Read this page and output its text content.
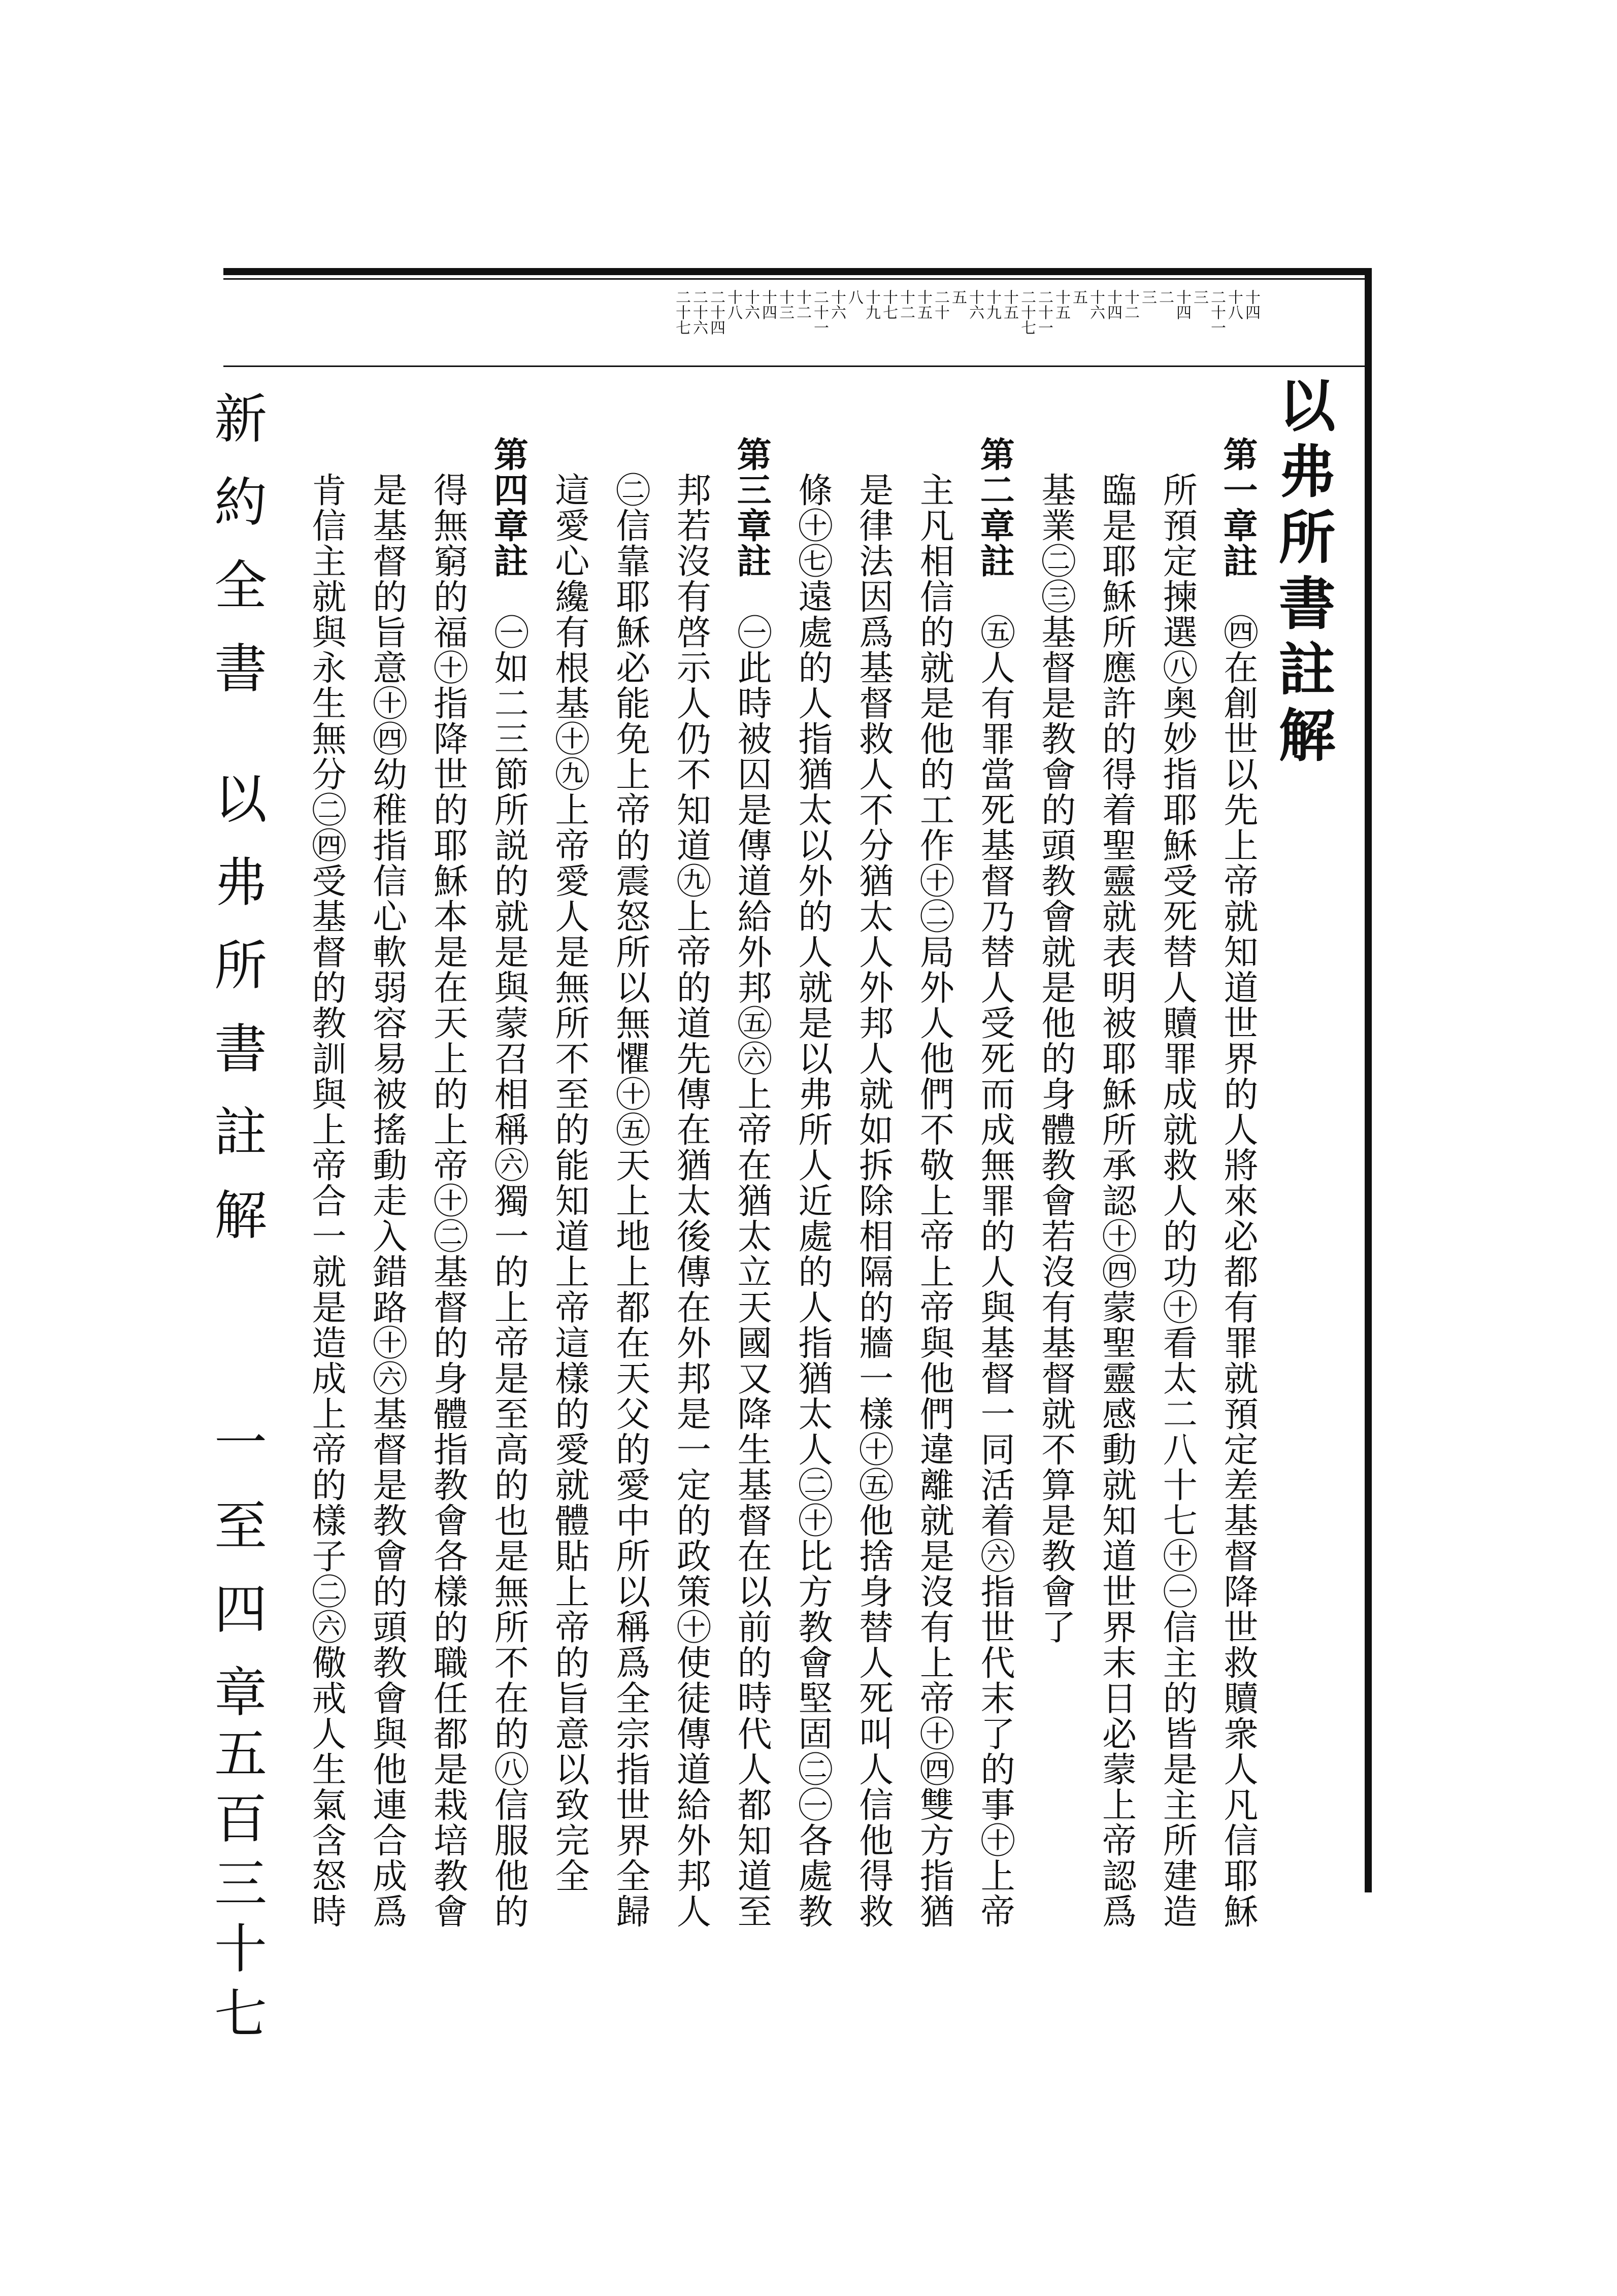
新約全書 以弗所書註解　一至四章
五百三十七
以弗所書註解
十四
十八
二十一
三
十四
二
三
十二
十四
十六
五
十五
二十一
二十七
十五
十九
十六
五
二十
十五
十二
十七
十九
八
十六
二十一
十二
十三
十四
十六
十八
二十四
二十六
二十七
第一章註　㊃在創世以先上帝就知道世界的人將來必都有罪就預定差基督降世救贖衆人凡信耶穌
　所預定揀選㊇奥妙指耶穌受死替人贖罪成就救人的功㊉看太二八十七㊉㊀信主的皆是主所建造
　臨是耶穌所應許的得着聖靈就表明被耶穌所承認㊉㊃蒙聖靈感動就知道世界末日必蒙上帝認爲
　基業㊁㊂基督是教會的頭教會就是他的身體教會若沒有基督就不算是教會了
第二章註　㊄人有罪當死基督乃替人受死而成無罪的人與基督一同活着㊅指世代末了的事㊉上帝
　主凡相信的就是他的工作㊉㊁局外人他們不敬上帝上帝與他們違離就是沒有上帝㊉㊃雙方指猶
　是律法因爲基督救人不分猶太人外邦人就如拆除相隔的牆一樣㊉㊄他捨身替人死叫人信他得救
　條㊉㊆遠處的人指猶太以外的人就是以弗所人近處的人指猶太人㊁㊉比方教會堅固㊁㊀各處教
第三章註　㊀此時被囚是傳道給外邦㊄㊅上帝在猶太立天國又降生基督在以前的時代人都知道至
　邦若沒有啓示人仍不知道㊈上帝的道先傳在猶太後傳在外邦是一定的政策㊉使徒傳道給外邦人
　㊁信靠耶穌必能免上帝的震怒所以無懼㊉㊄天上地上都在天父的愛中所以稱爲全宗指世界全歸
　這愛心纔有根基㊉㊈上帝愛人是無所不至的能知道上帝這樣的愛就體貼上帝的旨意以致完全
第四章註　㊀如二三節所説的就是與蒙召相稱㊅獨一的上帝是至高的也是無所不在的㊇信服他的
　得無窮的福㊉指降世的耶穌本是在天上的上帝㊉㊁基督的身體指教會各樣的職任都是栽培教會
　是基督的旨意㊉㊃幼稚指信心軟弱容易被搖動走入錯路㊉㊅基督是教會的頭教會與他連合成爲
　肯信主就與永生無分㊁㊃受基督的教訓與上帝合一就是造成上帝的樣子㊁㊅儆戒人生氣含怒時
